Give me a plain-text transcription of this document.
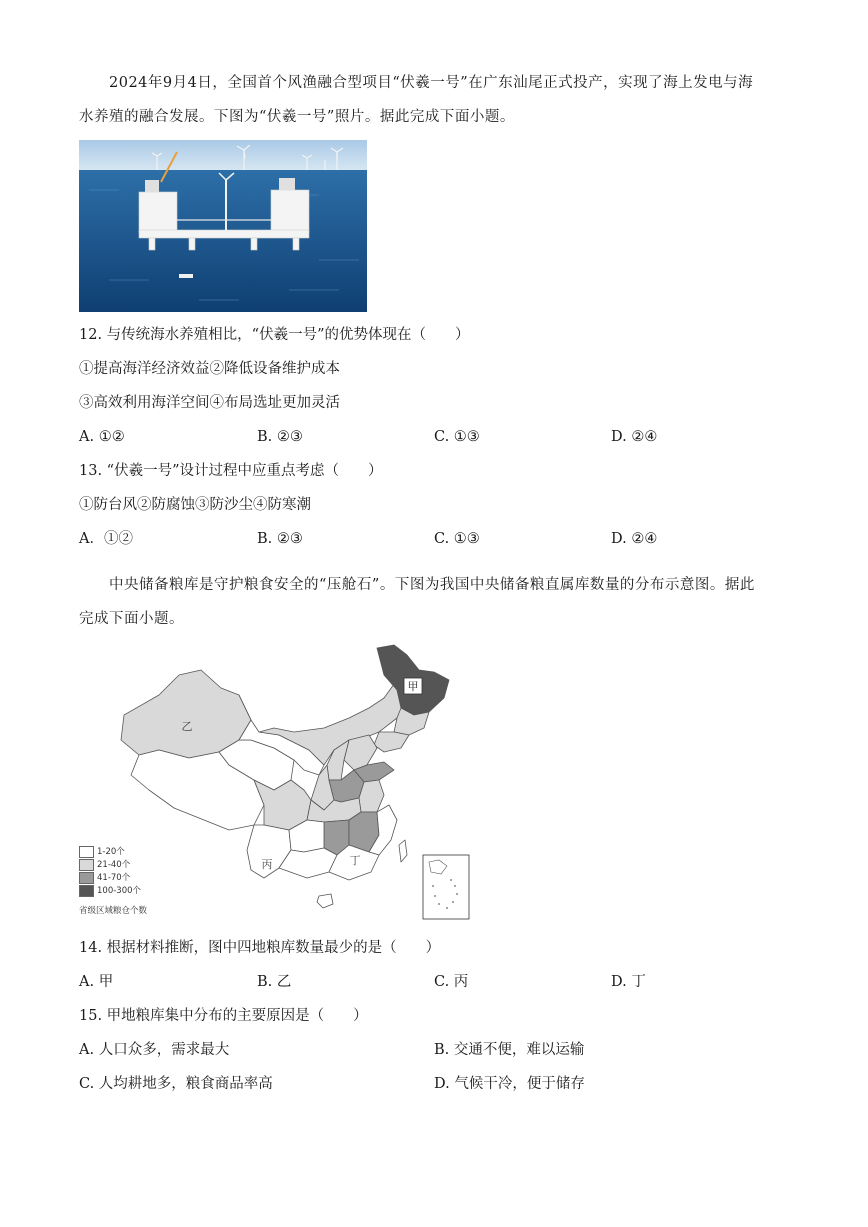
2024年9月4日，全国首个风渔融合型项目“伏羲一号”在广东汕尾正式投产，实现了海上发电与海
水养殖的融合发展。下图为“伏羲一号”照片。据此完成下面小题。
12. 与传统海水养殖相比，“伏羲一号”的优势体现在（　　）
①提高海洋经济效益②降低设备维护成本
③高效利用海洋空间④布局选址更加灵活
A. ①②	B. ②③	C. ①③	D. ②④
13. “伏羲一号”设计过程中应重点考虑（　　）
①防台风②防腐蚀③防沙尘④防寒潮
A．①②	B. ②③	C. ①③	D. ②④
中央储备粮库是守护粮食安全的“压舱石”。下图为我国中央储备粮直属库数量的分布示意图。据此
完成下面小题。
甲
乙
丙	丁
1-20个
21-40个
41-70个
100-300个
省级区域粮仓个数
14. 根据材料推断，图中四地粮库数量最少的是（　　）
A. 甲	B. 乙	C. 丙	D. 丁
15. 甲地粮库集中分布的主要原因是（　　）
A. 人口众多，需求最大	B. 交通不便，难以运输
C. 人均耕地多，粮食商品率高	D. 气候干冷，便于储存
